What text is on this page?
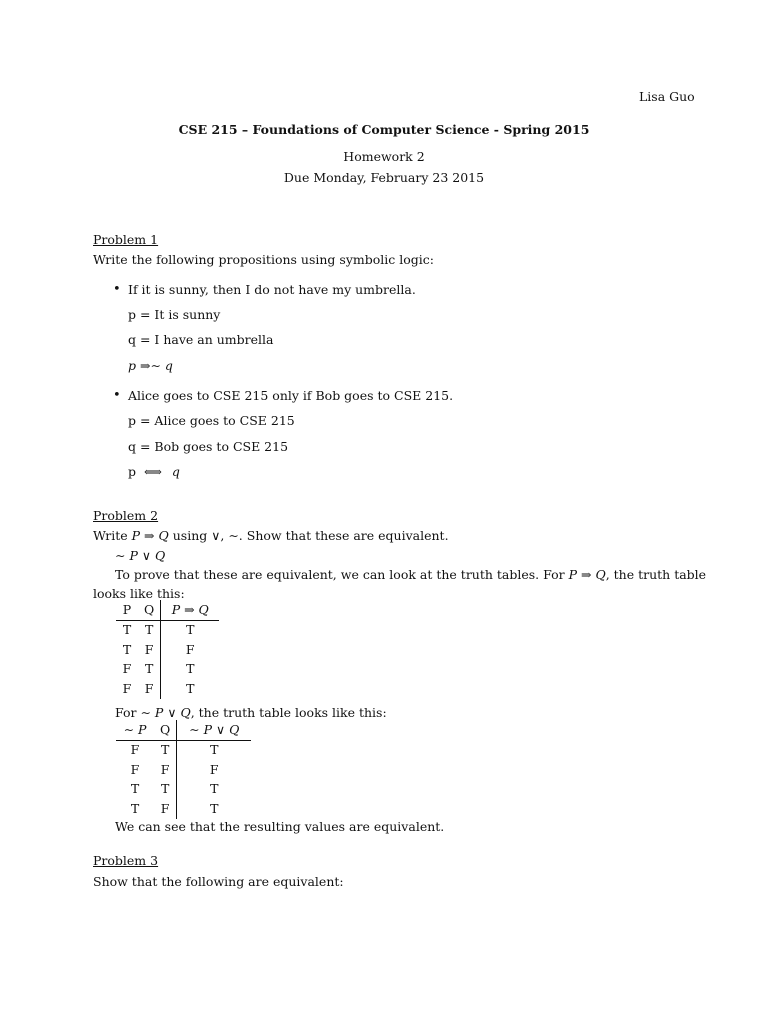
Lisa Guo
CSE 215 – Foundations of Computer Science - Spring 2015
Homework 2
Due Monday, February 23 2015
Problem 1
Write the following propositions using symbolic logic:
• If it is sunny, then I do not have my umbrella.
p = It is sunny
q = I have an umbrella
p ⇒∼ q
• Alice goes to CSE 215 only if Bob goes to CSE 215.
p = Alice goes to CSE 215
q = Bob goes to CSE 215
p ⟺ q
Problem 2
Write P ⇒ Q using ∨, ∼. Show that these are equivalent.
∼ P ∨ Q
To prove that these are equivalent, we can look at the truth tables. For P ⇒ Q, the truth table
looks like this:
P	Q	P ⇒ Q
T	T	T
T	F	F
F	T	T
F	F	T
For ∼ P ∨ Q, the truth table looks like this:
∼ P	Q	∼ P ∨ Q
F	T	T
F	F	F
T	T	T
T	F	T
We can see that the resulting values are equivalent.
Problem 3
Show that the following are equivalent:
